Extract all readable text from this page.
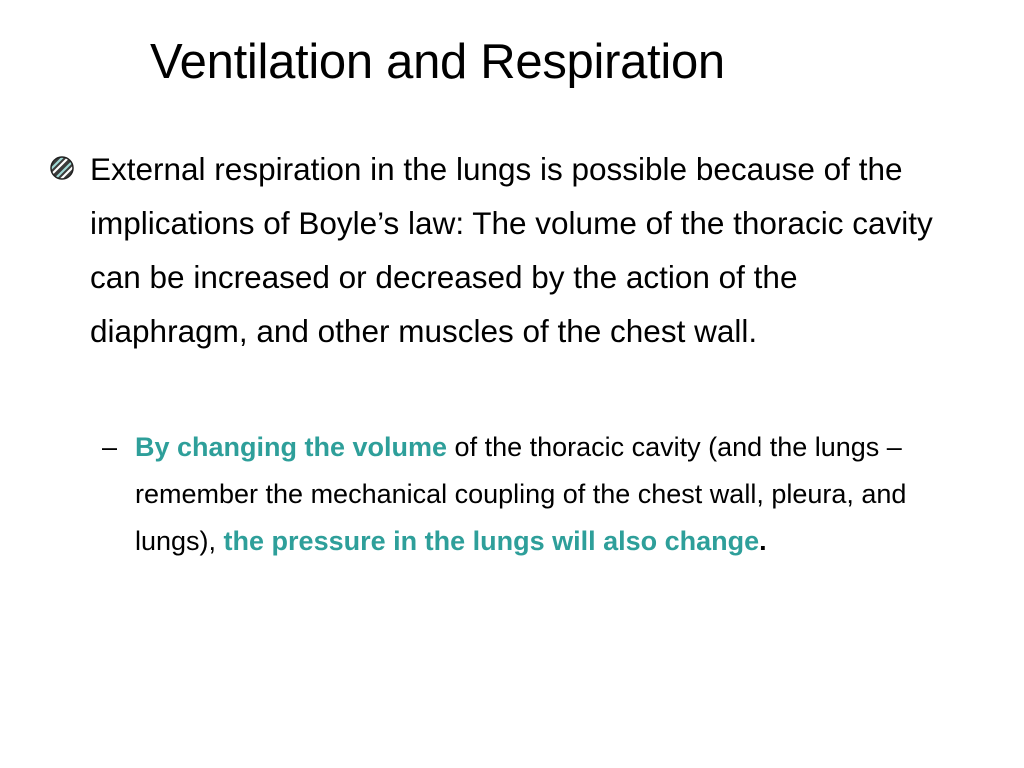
Ventilation and Respiration

External respiration in the lungs is possible because of the implications of Boyle’s law: The volume of the thoracic cavity can be increased or decreased by the action of the diaphragm, and other muscles of the chest wall.

– By changing the volume of the thoracic cavity (and the lungs – remember the mechanical coupling of the chest wall, pleura, and lungs), the pressure in the lungs will also change.
